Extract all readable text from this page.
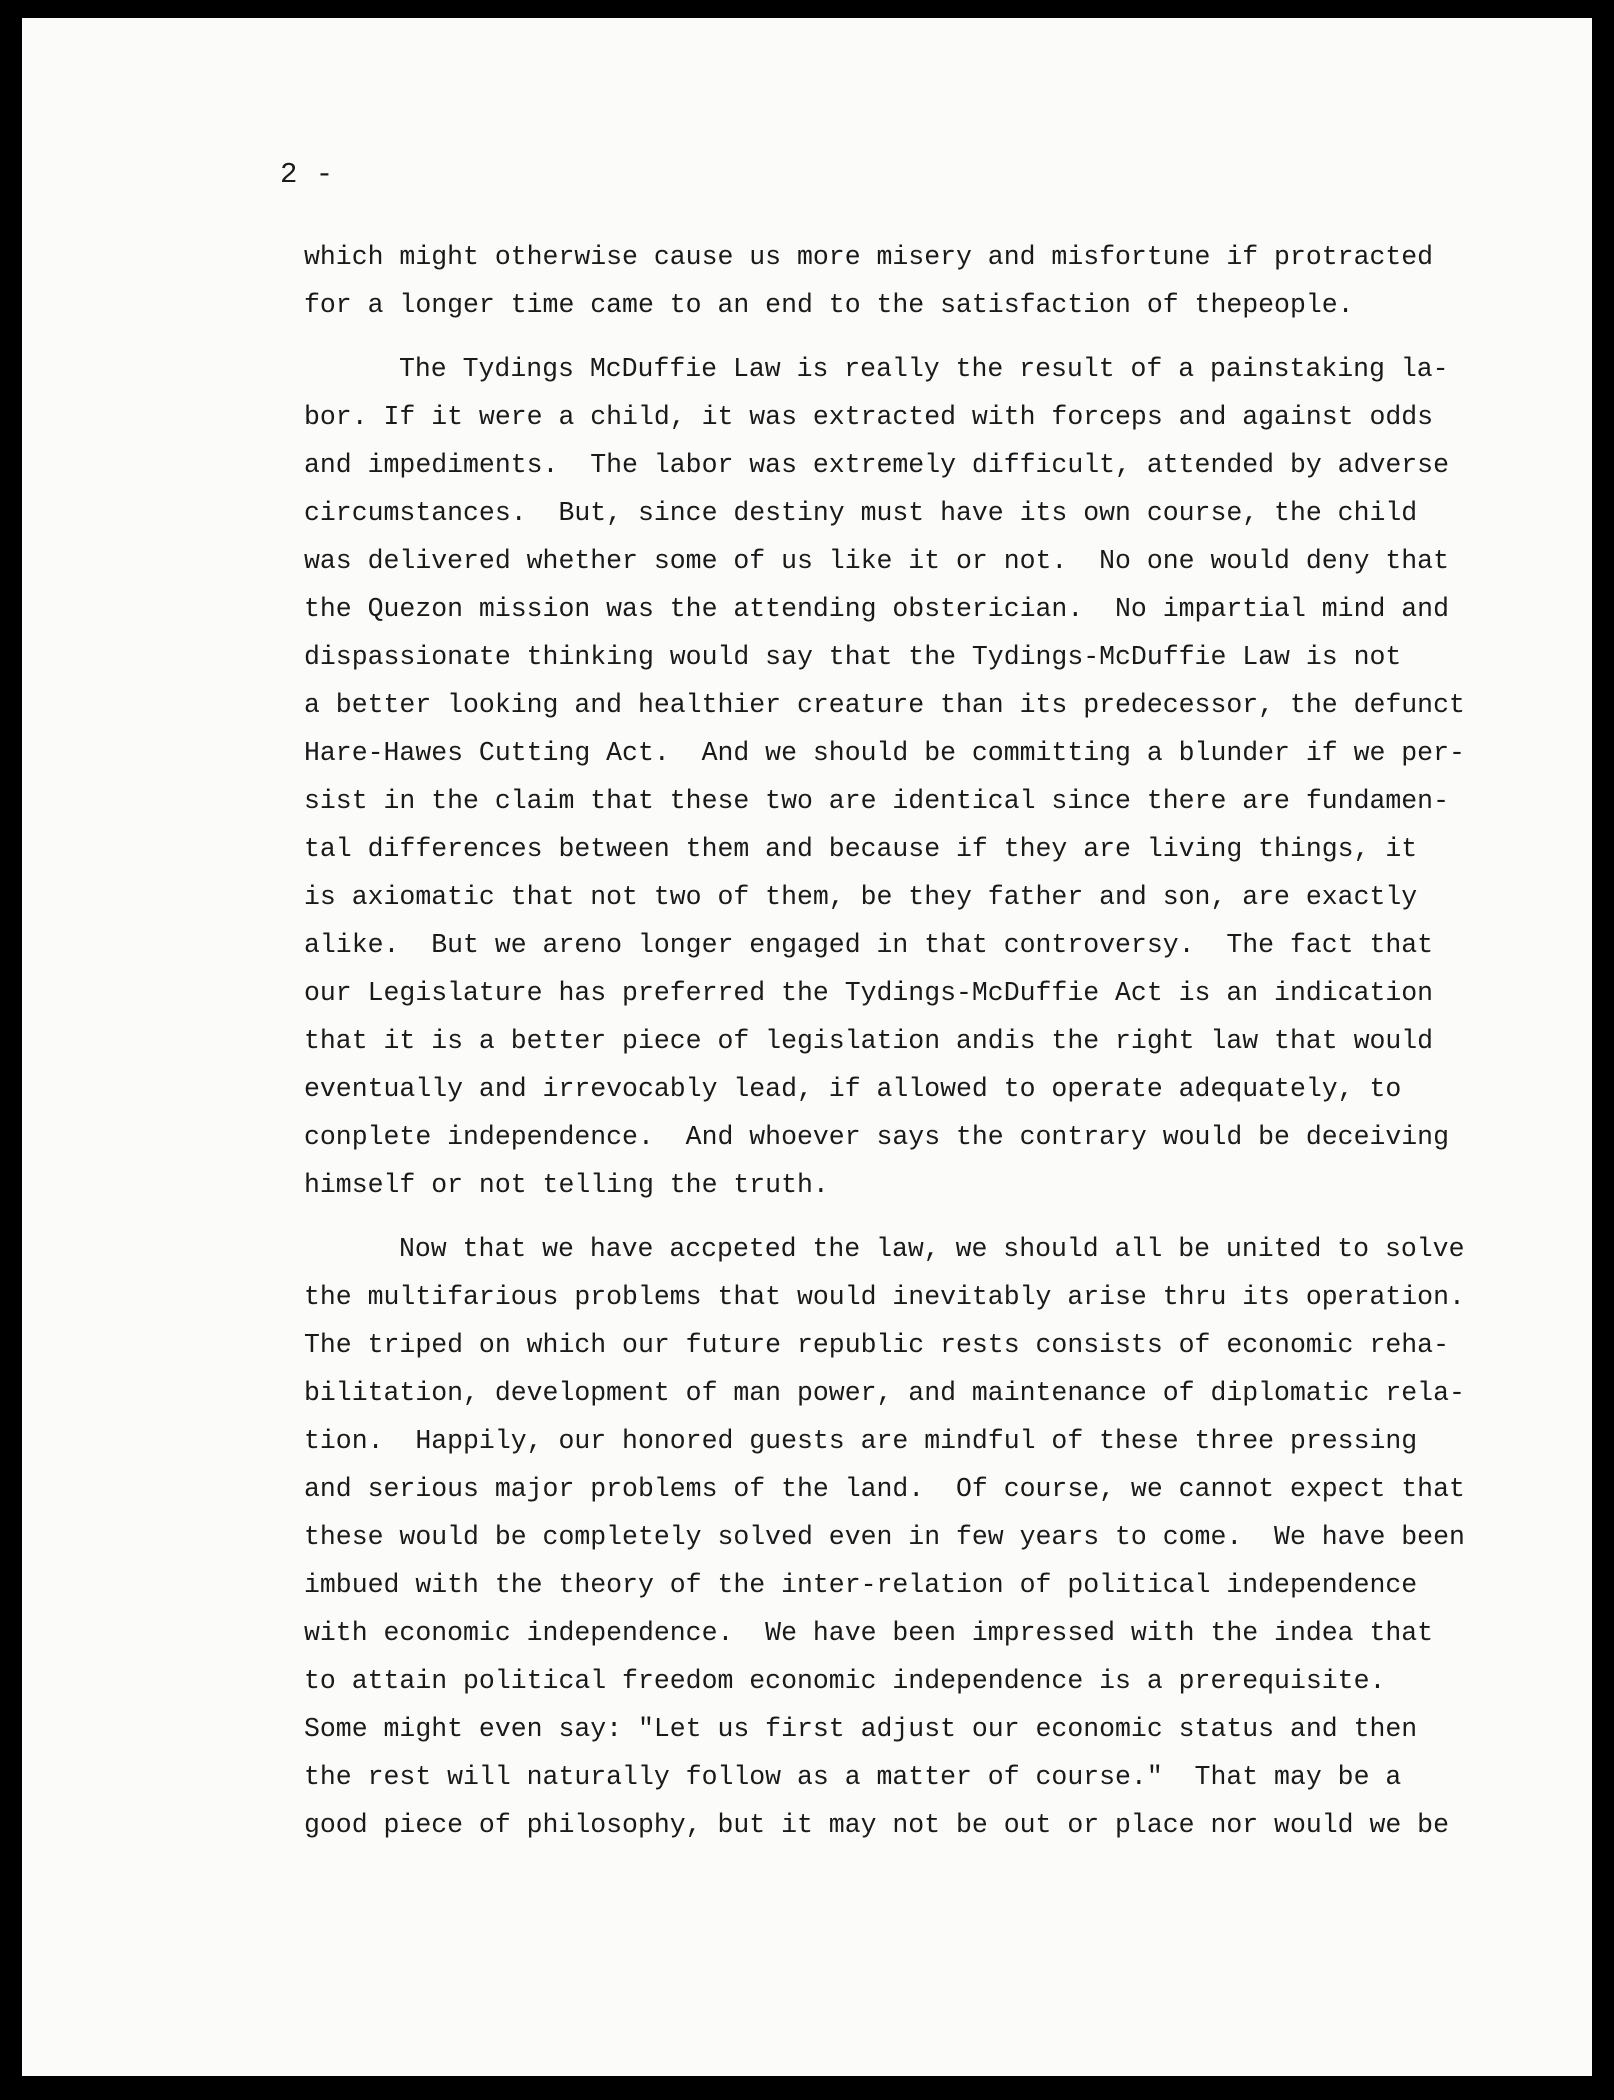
2 -
which might otherwise cause us more misery and misfortune if protracted
for a longer time came to an end to the satisfaction of thepeople.
The Tydings McDuffie Law is really the result of a painstaking la-
bor. If it were a child, it was extracted with forceps and against odds
and impediments.  The labor was extremely difficult, attended by adverse
circumstances.  But, since destiny must have its own course, the child
was delivered whether some of us like it or not.  No one would deny that
the Quezon mission was the attending obsterician.  No impartial mind and
dispassionate thinking would say that the Tydings-McDuffie Law is not
a better looking and healthier creature than its predecessor, the defunct
Hare-Hawes Cutting Act.  And we should be committing a blunder if we per-
sist in the claim that these two are identical since there are fundamen-
tal differences between them and because if they are living things, it
is axiomatic that not two of them, be they father and son, are exactly
alike.  But we areno longer engaged in that controversy.  The fact that
our Legislature has preferred the Tydings-McDuffie Act is an indication
that it is a better piece of legislation andis the right law that would
eventually and irrevocably lead, if allowed to operate adequately, to
conplete independence.  And whoever says the contrary would be deceiving
himself or not telling the truth.
Now that we have accpeted the law, we should all be united to solve
the multifarious problems that would inevitably arise thru its operation.
The triped on which our future republic rests consists of economic reha-
bilitation, development of man power, and maintenance of diplomatic rela-
tion.  Happily, our honored guests are mindful of these three pressing
and serious major problems of the land.  Of course, we cannot expect that
these would be completely solved even in few years to come.  We have been
imbued with the theory of the inter-relation of political independence
with economic independence.  We have been impressed with the indea that
to attain political freedom economic independence is a prerequisite.
Some might even say: "Let us first adjust our economic status and then
the rest will naturally follow as a matter of course."  That may be a
good piece of philosophy, but it may not be out or place nor would we be
